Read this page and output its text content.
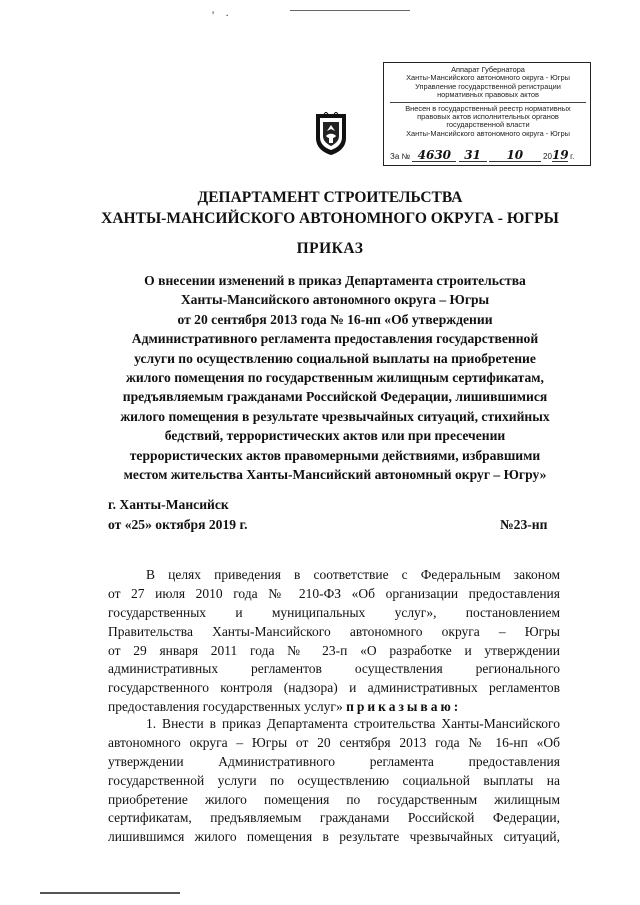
' ·
Аппарат Губернатора
Ханты-Мансийского автономного округа - Югры
Управление государственной регистрации
нормативных правовых актов
Внесен в государственный реестр нормативных
правовых актов исполнительных органов
государственной власти
Ханты-Мансийского автономного округа - Югры
За № 4630 31 10 2019 г.
ДЕПАРТАМЕНТ СТРОИТЕЛЬСТВА
ХАНТЫ-МАНСИЙСКОГО АВТОНОМНОГО ОКРУГА - ЮГРЫ
ПРИКАЗ
О внесении изменений в приказ Департамента строительства
Ханты-Мансийского автономного округа – Югры
от 20 сентября 2013 года № 16-нп «Об утверждении
Административного регламента предоставления государственной
услуги по осуществлению социальной выплаты на приобретение
жилого помещения по государственным жилищным сертификатам,
предъявляемым гражданами Российской Федерации, лишившимися
жилого помещения в результате чрезвычайных ситуаций, стихийных
бедствий, террористических актов или при пресечении
террористических актов правомерными действиями, избравшими
местом жительства Ханты-Мансийский автономный округ – Югру»
г. Ханты-Мансийск
от «25» октября 2019 г.	№23-нп
В целях приведения в соответствие с Федеральным законом
от 27 июля 2010 года № 210-ФЗ «Об организации предоставления
государственных и муниципальных услуг», постановлением
Правительства Ханты-Мансийского автономного округа – Югры
от 29 января 2011 года № 23-п «О разработке и утверждении
административных регламентов осуществления регионального
государственного контроля (надзора) и административных регламентов
предоставления государственных услуг» приказываю:
1. Внести в приказ Департамента строительства Ханты-Мансийского
автономного округа – Югры от 20 сентября 2013 года № 16-нп «Об
утверждении Административного регламента предоставления
государственной услуги по осуществлению социальной выплаты на
приобретение жилого помещения по государственным жилищным
сертификатам, предъявляемым гражданами Российской Федерации,
лишившимся жилого помещения в результате чрезвычайных ситуаций,
